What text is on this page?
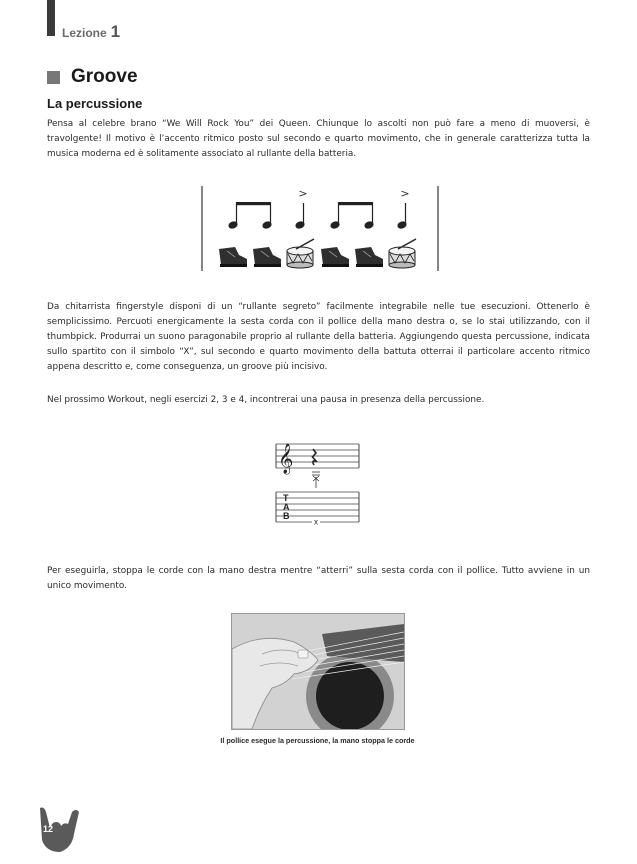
Lezione 1
Groove
La percussione
Pensa al celebre brano “We Will Rock You” dei Queen. Chiunque lo ascolti non può fare a meno di muoversi, è travolgente! Il motivo è l’accento ritmico posto sul secondo e quarto movimento, che in generale caratterizza tutta la musica moderna ed è solitamente associato al rullante della batteria.
>	>
Da chitarrista fingerstyle disponi di un “rullante segreto” facilmente integrabile nelle tue esecuzioni. Ottenerlo è semplicissimo. Percuoti energicamente la sesta corda con il pollice della mano destra o, se lo stai utilizzando, con il thumbpick. Produrrai un suono paragonabile proprio al rullante della batteria. Aggiungendo questa percussione, indicata sullo spartito con il simbolo “X”, sul secondo e quarto movimento della battuta otterrai il particolare accento ritmico appena descritto e, come conseguenza, un groove più incisivo.
Nel prossimo Workout, negli esercizi 2, 3 e 4, incontrerai una pausa in presenza della percussione.
𝄞
T
A
B
x
Per eseguirla, stoppa le corde con la mano destra mentre “atterri” sulla sesta corda con il pollice. Tutto avviene in un unico movimento.
Il pollice esegue la percussione, la mano stoppa le corde
12
